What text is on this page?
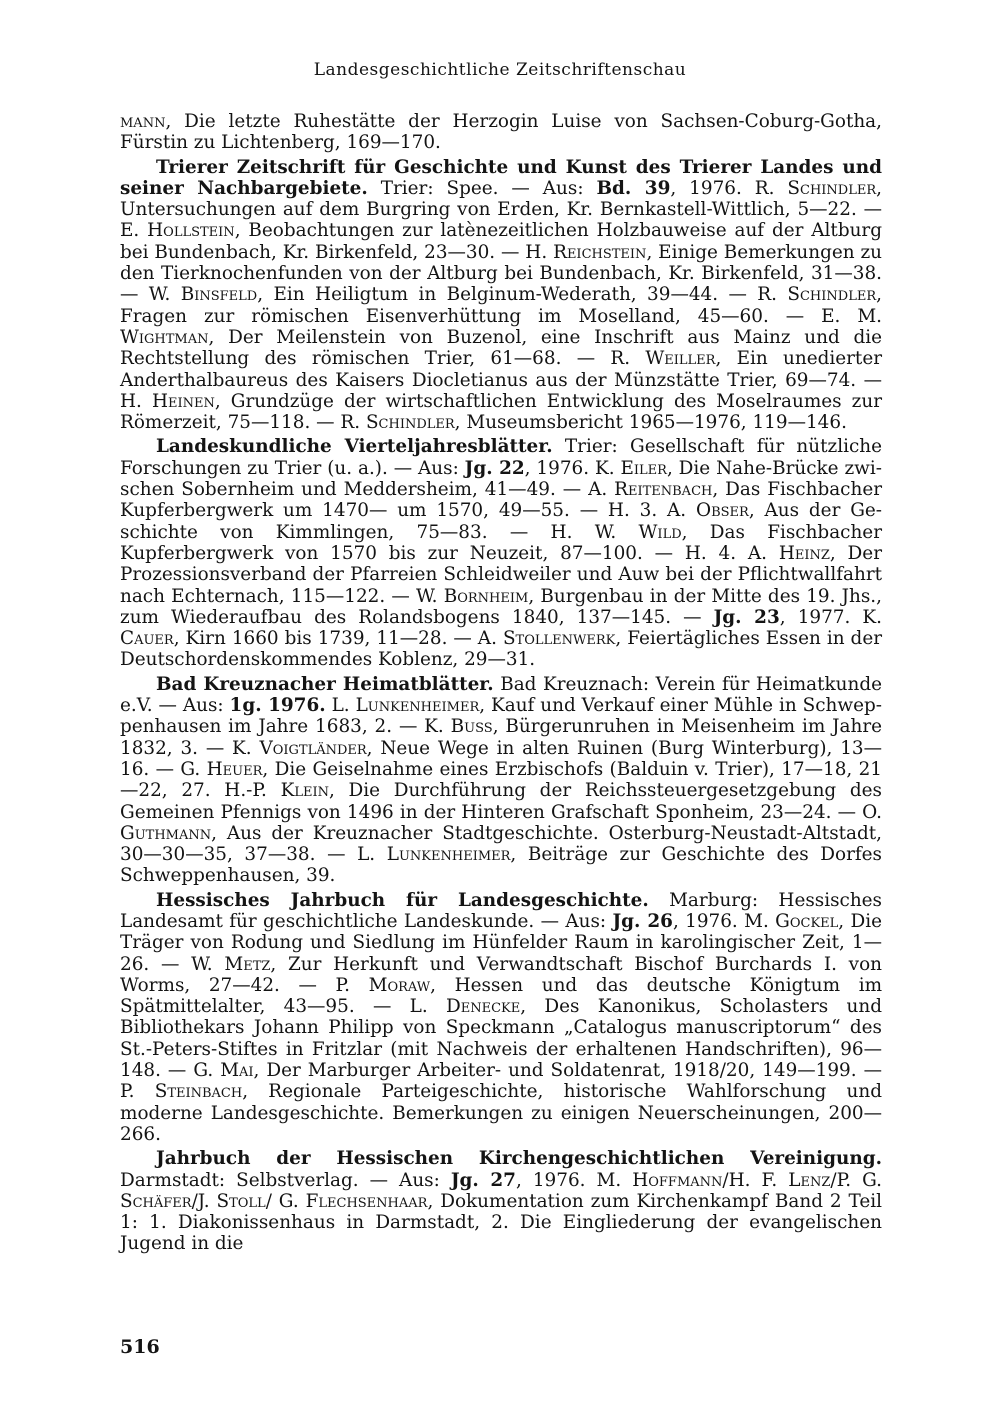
Landesgeschichtliche Zeitschriftenschau

mann, Die letzte Ruhestätte der Herzogin Luise von Sachsen-Coburg-Gotha, Fürstin zu Lichtenberg, 169—170.

Trierer Zeitschrift für Geschichte und Kunst des Trierer Landes und seiner Nachbargebiete. Trier: Spee. — Aus: Bd. 39, 1976. R. Schindler, Untersuchungen auf dem Burgring von Erden, Kr. Bernkastell-Wittlich, 5—22. — E. Hollstein, Beobachtungen zur latènezeitlichen Holzbauweise auf der Altburg bei Bundenbach, Kr. Birkenfeld, 23—30. — H. Reichstein, Einige Bemerkungen zu den Tierknochenfunden von der Altburg bei Bundenbach, Kr. Birkenfeld, 31—38. — W. Binsfeld, Ein Heiligtum in Belginum-Wederath, 39—44. — R. Schindler, Fragen zur römischen Eisenverhüttung im Moselland, 45—60. — E. M. Wightman, Der Meilenstein von Buzenol, eine Inschrift aus Mainz und die Rechtstellung des römischen Trier, 61—68. — R. Weiller, Ein unedierter Anderthalbaureus des Kaisers Diocletianus aus der Münzstätte Trier, 69—74. — H. Heinen, Grundzüge der wirtschaftlichen Entwicklung des Moselraumes zur Römerzeit, 75—118. — R. Schindler, Museumsbericht 1965—1976, 119—146.

Landeskundliche Vierteljahresblätter. Trier: Gesellschaft für nützliche Forschungen zu Trier (u. a.). — Aus: Jg. 22, 1976. K. Eiler, Die Nahe-Brücke zwischen Sobernheim und Meddersheim, 41—49. — A. Reitenbach, Das Fischbacher Kupferbergwerk um 1470— um 1570, 49—55. — H. 3. A. Obser, Aus der Geschichte von Kimmlingen, 75—83. — H. W. Wild, Das Fischbacher Kupferbergwerk von 1570 bis zur Neuzeit, 87—100. — H. 4. A. Heinz, Der Prozessionsverband der Pfarreien Schleidweiler und Auw bei der Pflichtwallfahrt nach Echternach, 115—122. — W. Bornheim, Burgenbau in der Mitte des 19. Jhs., zum Wiederaufbau des Rolandsbogens 1840, 137—145. — Jg. 23, 1977. K. Cauer, Kirn 1660 bis 1739, 11—28. — A. Stollenwerk, Feiertägliches Essen in der Deutschordenskommendes Koblenz, 29—31.

Bad Kreuznacher Heimatblätter. Bad Kreuznach: Verein für Heimatkunde e.V. — Aus: 1g. 1976. L. Lunkenheimer, Kauf und Verkauf einer Mühle in Schweppenhausen im Jahre 1683, 2. — K. Buss, Bürgerunruhen in Meisenheim im Jahre 1832, 3. — K. Voigtländer, Neue Wege in alten Ruinen (Burg Winterburg), 13—16. — G. Heuer, Die Geiselnahme eines Erzbischofs (Balduin v. Trier), 17—18, 21—22, 27. H.-P. Klein, Die Durchführung der Reichssteuergesetzgebung des Gemeinen Pfennigs von 1496 in der Hinteren Grafschaft Sponheim, 23—24. — O. Guthmann, Aus der Kreuznacher Stadtgeschichte. Osterburg-Neustadt-Altstadt, 30—30—35, 37—38. — L. Lunkenheimer, Beiträge zur Geschichte des Dorfes Schweppenhausen, 39.

Hessisches Jahrbuch für Landesgeschichte. Marburg: Hessisches Landesamt für geschichtliche Landeskunde. — Aus: Jg. 26, 1976. M. Gockel, Die Träger von Rodung und Siedlung im Hünfelder Raum in karolingischer Zeit, 1—26. — W. Metz, Zur Herkunft und Verwandtschaft Bischof Burchards I. von Worms, 27—42. — P. Moraw, Hessen und das deutsche Königtum im Spätmittelalter, 43—95. — L. Denecke, Des Kanonikus, Scholasters und Bibliothekars Johann Philipp von Speckmann „Catalogus manuscriptorum“ des St.-Peters-Stiftes in Fritzlar (mit Nachweis der erhaltenen Handschriften), 96—148. — G. Mai, Der Marburger Arbeiter- und Soldatenrat, 1918/20, 149—199. — P. Steinbach, Regionale Parteigeschichte, historische Wahlforschung und moderne Landesgeschichte. Bemerkungen zu einigen Neuerscheinungen, 200—266.

Jahrbuch der Hessischen Kirchengeschichtlichen Vereinigung. Darmstadt: Selbstverlag. — Aus: Jg. 27, 1976. M. Hoffmann/H. F. Lenz/P. G. Schäfer/J. Stoll/ G. Flechsenhaar, Dokumentation zum Kirchenkampf Band 2 Teil 1: 1. Diakonissenhaus in Darmstadt, 2. Die Eingliederung der evangelischen Jugend in die

516
